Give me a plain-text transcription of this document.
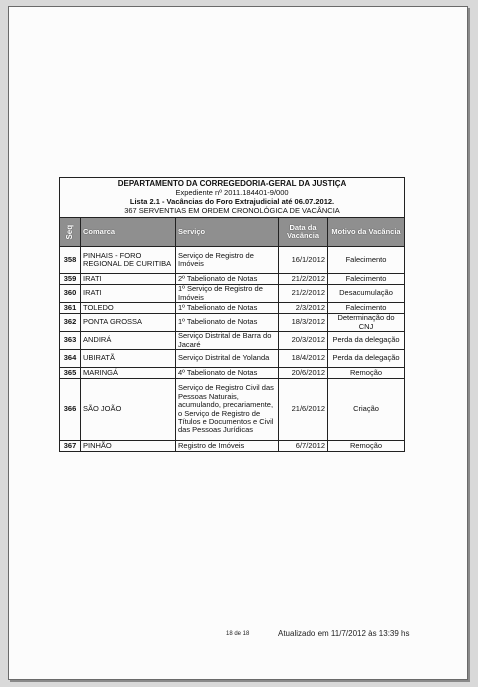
DEPARTAMENTO DA CORREGEDORIA-GERAL DA JUSTIÇA
Expediente nº 2011.184401-9/000
Lista 2.1 - Vacâncias do Foro Extrajudicial até 06.07.2012.
367 SERVENTIAS EM ORDEM CRONOLÓGICA DE VACÂNCIA				

Seq	Comarca	Serviço	Data da Vacância	Motivo da Vacância
358	PINHAIS - FORO REGIONAL DE CURITIBA	Serviço de Registro de Imóveis	16/1/2012	Falecimento
359	IRATI	2º Tabelionato de Notas	21/2/2012	Falecimento
360	IRATI	1º Serviço de Registro de Imóveis	21/2/2012	Desacumulação
361	TOLEDO	1º Tabelionato de Notas	2/3/2012	Falecimento
362	PONTA GROSSA	1º Tabelionato de Notas	18/3/2012	Determinação do CNJ
363	ANDIRÁ	Serviço Distrital de Barra do Jacaré	20/3/2012	Perda da delegação
364	UBIRATÃ	Serviço Distrital de Yolanda	18/4/2012	Perda da delegação
365	MARINGÁ	4º Tabelionato de Notas	20/6/2012	Remoção
366	SÃO JOÃO	Serviço de Registro Civil das Pessoas Naturais, acumulando, precariamente, o Serviço de Registro de Títulos e Documentos e Civil das Pessoas Jurídicas	21/6/2012	Criação
367	PINHÃO	Registro de Imóveis	6/7/2012	Remoção
18 de 18	Atualizado em 11/7/2012 às 13:39 hs
